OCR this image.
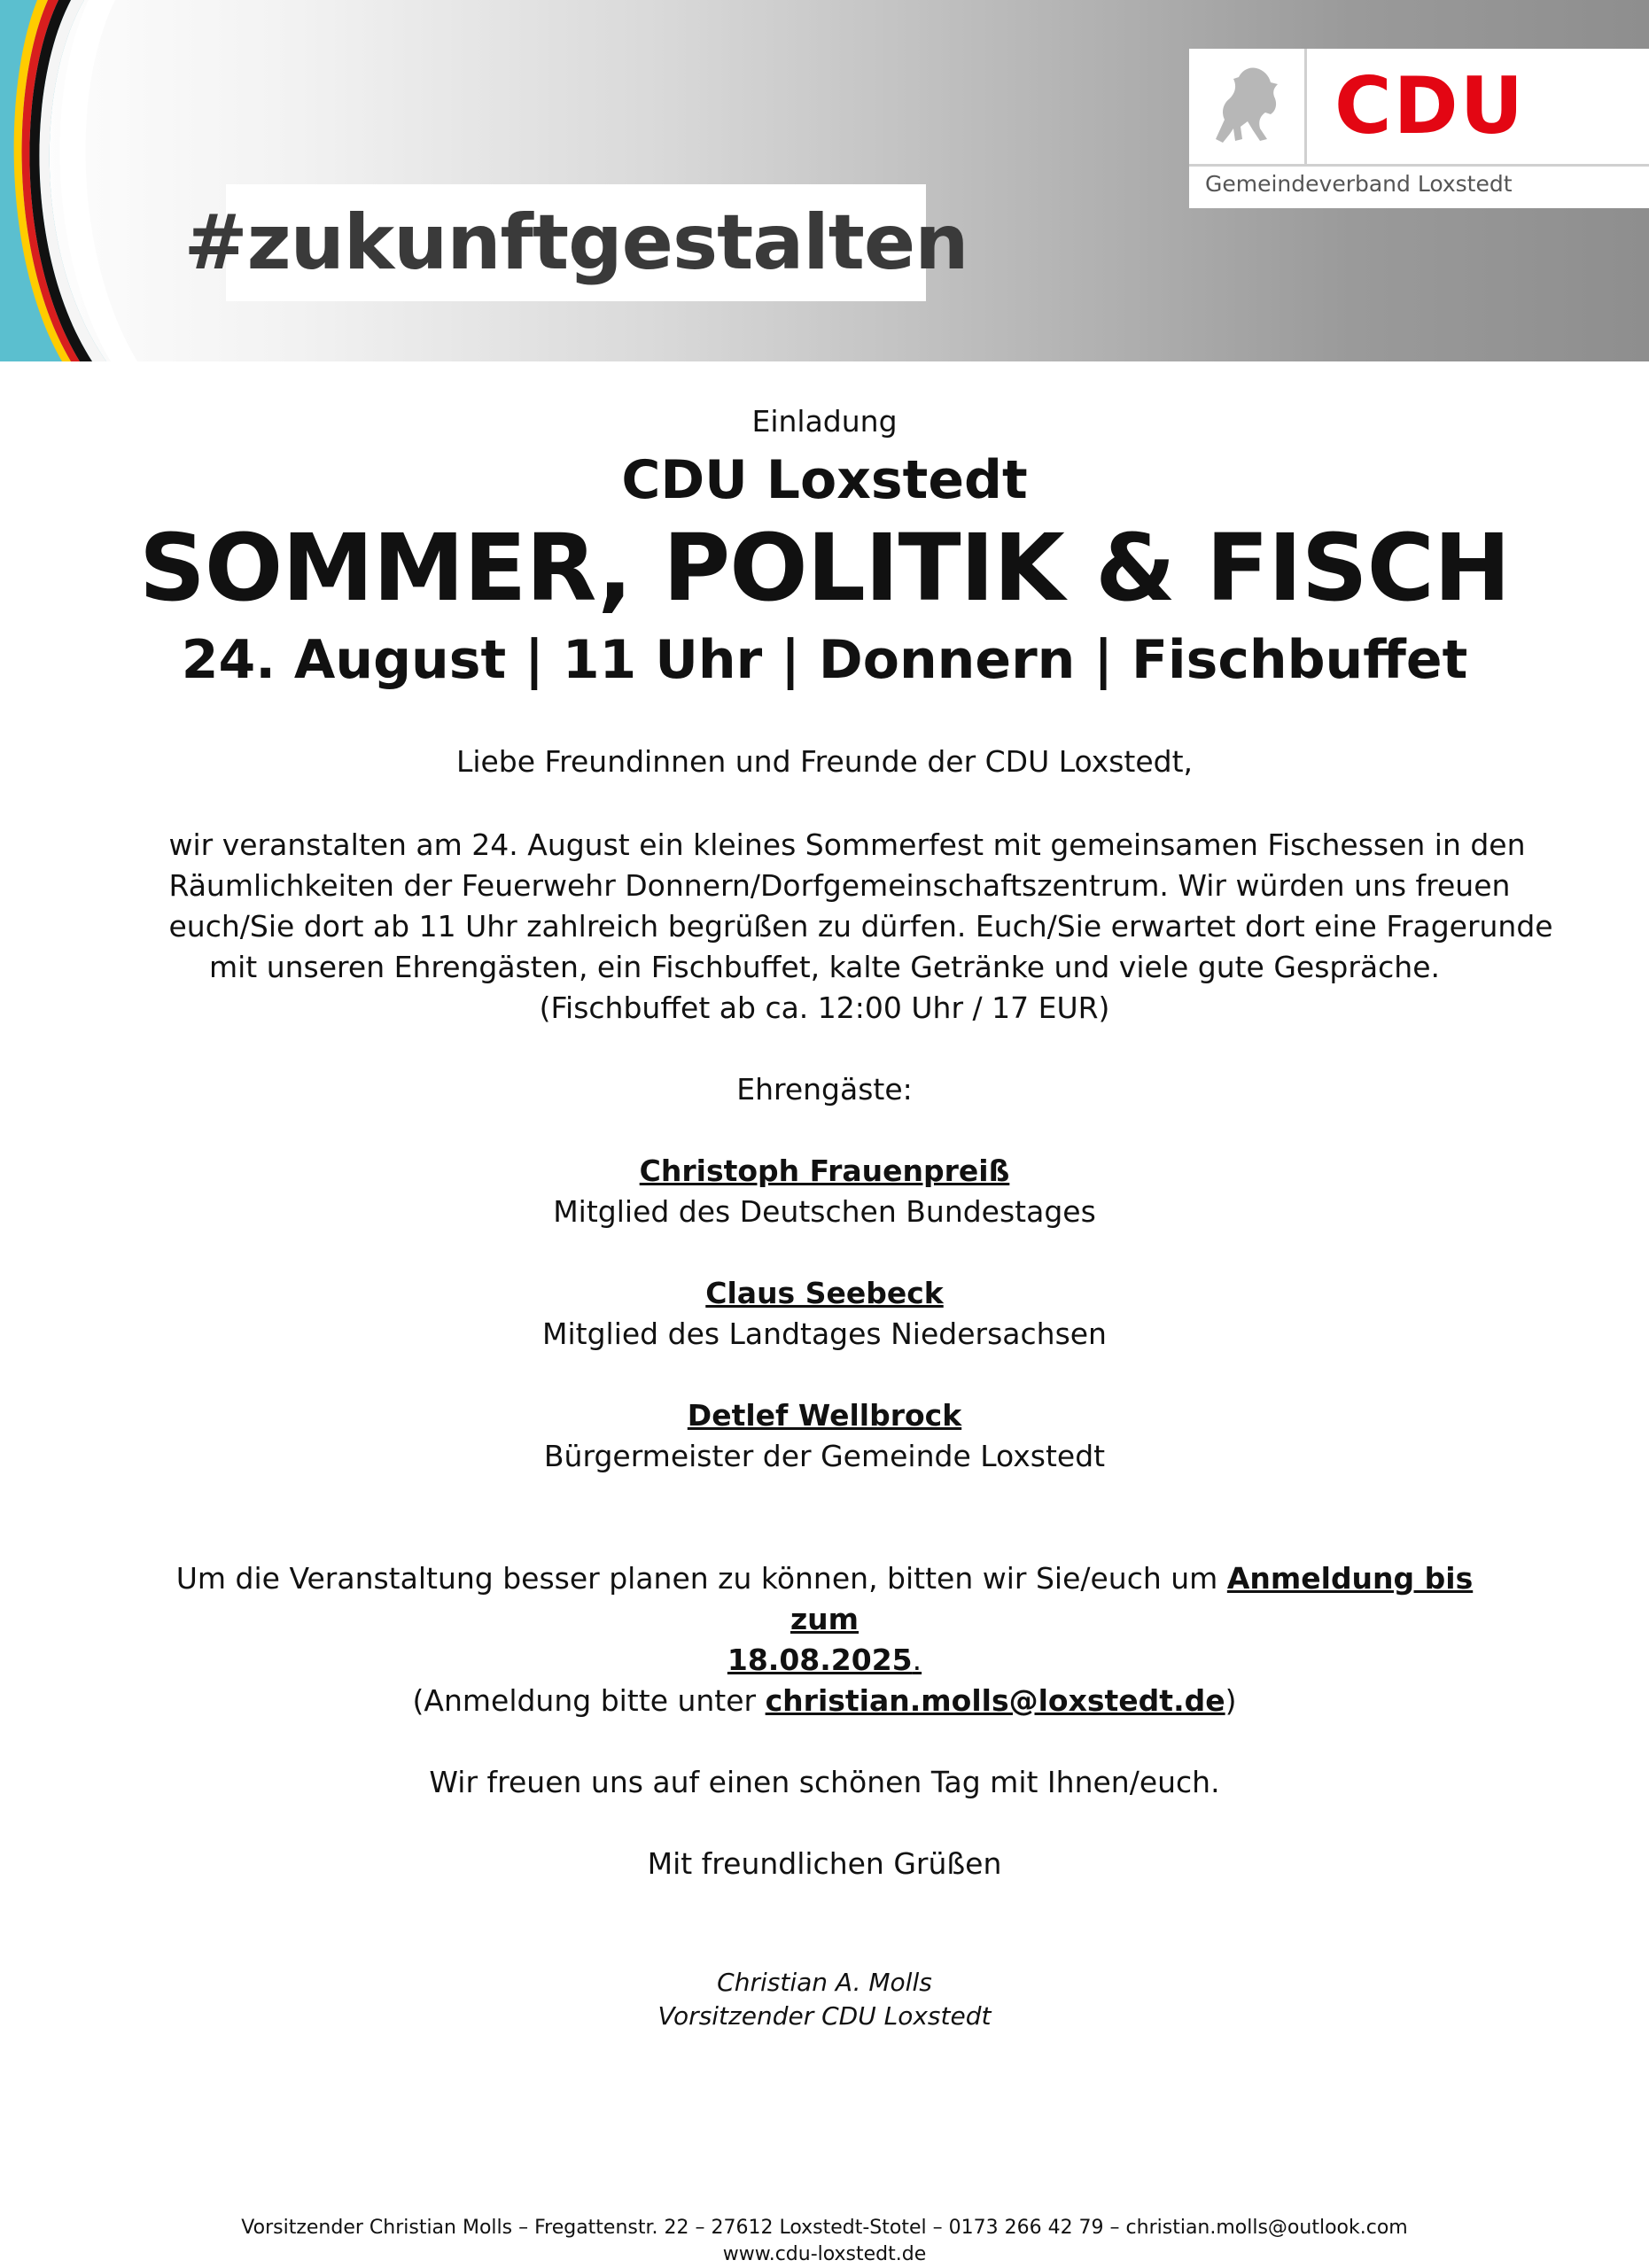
#zukunftgestalten
CDU
Gemeindeverband Loxstedt
Einladung
CDU Loxstedt
SOMMER, POLITIK & FISCH
24. August | 11 Uhr | Donnern | Fischbuffet
Liebe Freundinnen und Freunde der CDU Loxstedt,
wir veranstalten am 24. August ein kleines Sommerfest mit gemeinsamen Fischessen in den
Räumlichkeiten der Feuerwehr Donnern/Dorfgemeinschaftszentrum. Wir würden uns freuen
euch/Sie dort ab 11 Uhr zahlreich begrüßen zu dürfen. Euch/Sie erwartet dort eine Fragerunde
mit unseren Ehrengästen, ein Fischbuffet, kalte Getränke und viele gute Gespräche.
(Fischbuffet ab ca. 12:00 Uhr / 17 EUR)
Ehrengäste:
Christoph Frauenpreiß
Mitglied des Deutschen Bundestages
Claus Seebeck
Mitglied des Landtages Niedersachsen
Detlef Wellbrock
Bürgermeister der Gemeinde Loxstedt
Um die Veranstaltung besser planen zu können, bitten wir Sie/euch um Anmeldung bis zum
18.08.2025.
(Anmeldung bitte unter christian.molls@loxstedt.de)
Wir freuen uns auf einen schönen Tag mit Ihnen/euch.
Mit freundlichen Grüßen
Christian A. Molls
Vorsitzender CDU Loxstedt
Vorsitzender Christian Molls – Fregattenstr. 22 – 27612 Loxstedt-Stotel – 0173 266 42 79 – christian.molls@outlook.com
www.cdu-loxstedt.de
